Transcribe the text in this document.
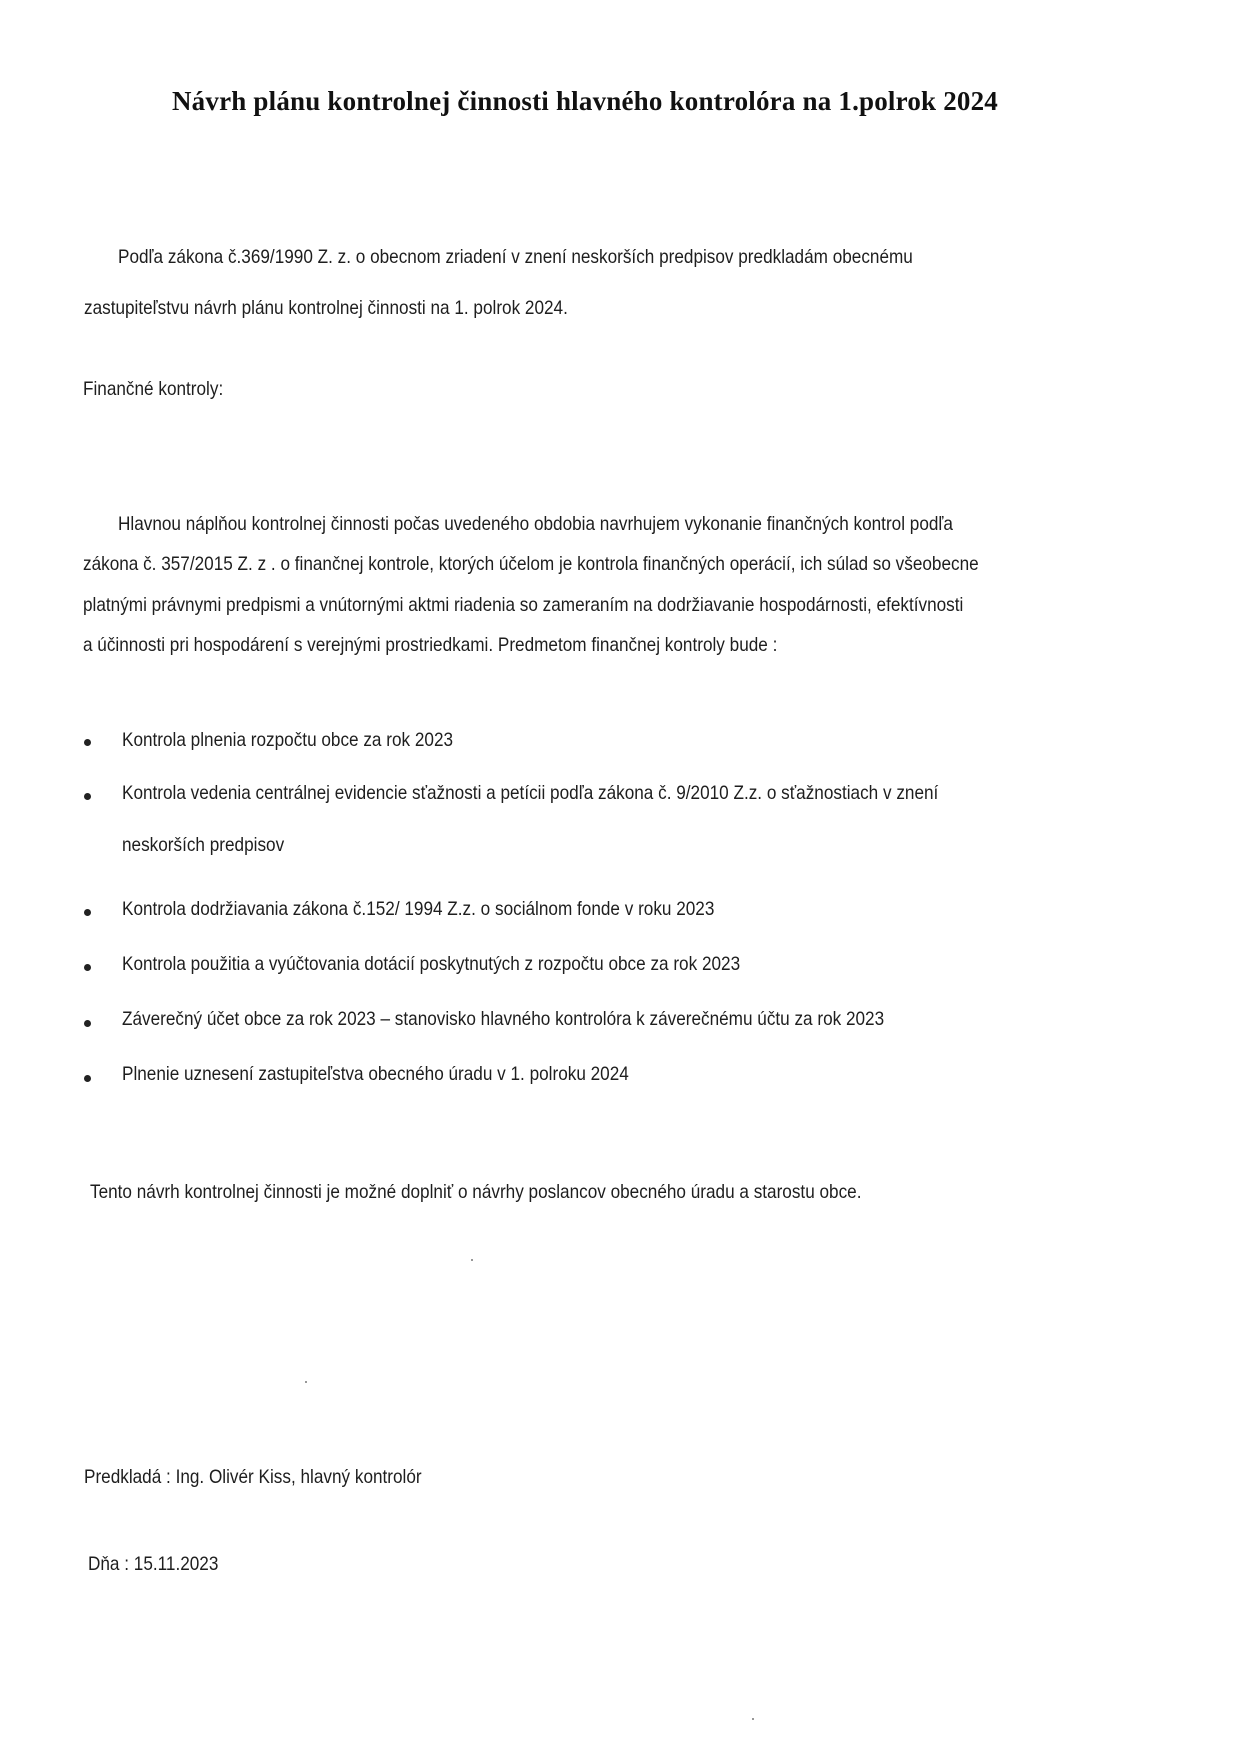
Návrh plánu kontrolnej činnosti hlavného kontrolóra na 1.polrok 2024
Podľa zákona č.369/1990 Z. z. o obecnom zriadení v znení neskorších predpisov predkladám obecnému
zastupiteľstvu návrh plánu kontrolnej činnosti na 1. polrok 2024.
Finančné kontroly:
Hlavnou náplňou kontrolnej činnosti počas uvedeného obdobia navrhujem vykonanie finančných kontrol podľa
zákona č. 357/2015 Z. z . o finančnej kontrole, ktorých účelom je kontrola finančných operácií, ich súlad so všeobecne
platnými právnymi predpismi a vnútornými aktmi riadenia so zameraním na dodržiavanie hospodárnosti, efektívnosti
a účinnosti pri hospodárení s verejnými prostriedkami. Predmetom finančnej kontroly bude :
Kontrola plnenia rozpočtu obce za rok 2023
Kontrola vedenia centrálnej evidencie sťažnosti a petícii podľa zákona č. 9/2010 Z.z. o sťažnostiach v znení
neskorších predpisov
Kontrola dodržiavania zákona č.152/ 1994 Z.z. o sociálnom fonde v roku 2023
Kontrola použitia a vyúčtovania dotácií poskytnutých z rozpočtu obce za rok 2023
Záverečný účet obce za rok 2023 – stanovisko hlavného kontrolóra k záverečnému účtu za rok 2023
Plnenie uznesení zastupiteľstva obecného úradu v 1. polroku 2024
Tento návrh kontrolnej činnosti je možné doplniť o návrhy poslancov obecného úradu a starostu obce.
Predkladá : Ing. Olivér Kiss, hlavný kontrolór
Dňa : 15.11.2023
